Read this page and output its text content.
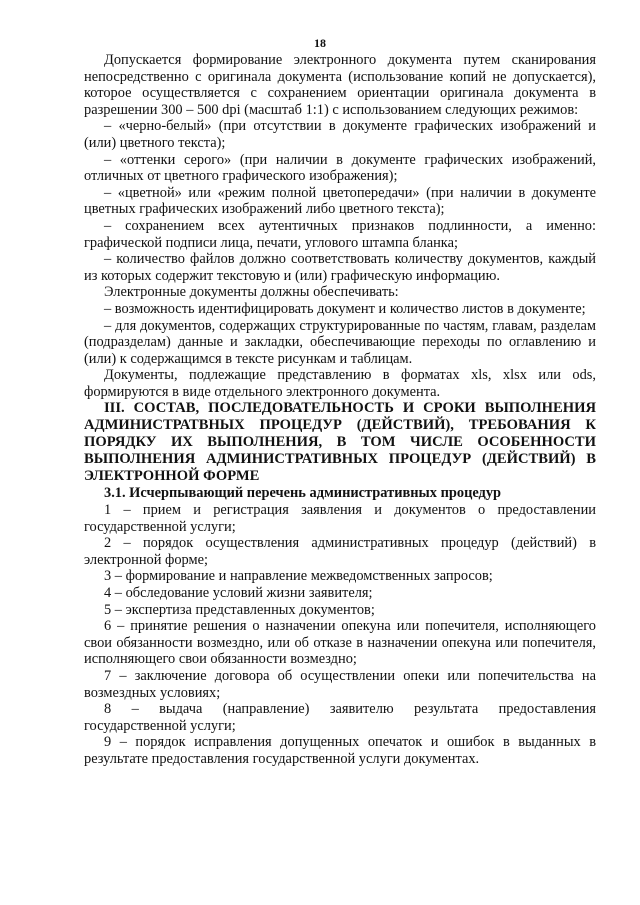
18

Допускается формирование электронного документа путем сканирования непосредственно с оригинала документа (использование копий не допускается), которое осуществляется с сохранением ориентации оригинала документа в разрешении 300 – 500 dpi (масштаб 1:1) с использованием следующих режимов:

– «черно-белый» (при отсутствии в документе графических изображений и (или) цветного текста);

– «оттенки серого» (при наличии в документе графических изображений, отличных от цветного графического изображения);

– «цветной» или «режим полной цветопередачи» (при наличии в документе цветных графических изображений либо цветного текста);

– сохранением всех аутентичных признаков подлинности, а именно: графической подписи лица, печати, углового штампа бланка;

– количество файлов должно соответствовать количеству документов, каждый из которых содержит текстовую и (или) графическую информацию.

Электронные документы должны обеспечивать:

– возможность идентифицировать документ и количество листов в документе;

– для документов, содержащих структурированные по частям, главам, разделам (подразделам) данные и закладки, обеспечивающие переходы по оглавлению и (или) к содержащимся в тексте рисункам и таблицам.

Документы, подлежащие представлению в форматах xls, xlsx или ods, формируются в виде отдельного электронного документа.

III. СОСТАВ, ПОСЛЕДОВАТЕЛЬНОСТЬ И СРОКИ ВЫПОЛНЕНИЯ АДМИНИСТРАТВНЫХ ПРОЦЕДУР (ДЕЙСТВИЙ), ТРЕБОВАНИЯ К ПОРЯДКУ ИХ ВЫПОЛНЕНИЯ, В ТОМ ЧИСЛЕ ОСОБЕННОСТИ ВЫПОЛНЕНИЯ АДМИНИСТРАТИВНЫХ ПРОЦЕДУР (ДЕЙСТВИЙ) В ЭЛЕКТРОННОЙ ФОРМЕ

3.1. Исчерпывающий перечень административных процедур

1 – прием и регистрация заявления и документов о предоставлении государственной услуги;

2 – порядок осуществления административных процедур (действий) в электронной форме;

3 – формирование и направление межведомственных запросов;

4 – обследование условий жизни заявителя;

5 – экспертиза представленных документов;

6 – принятие решения о назначении опекуна или попечителя, исполняющего свои обязанности возмездно, или об отказе в назначении опекуна или попечителя, исполняющего свои обязанности возмездно;

7 – заключение договора об осуществлении опеки или попечительства на возмездных условиях;

8 – выдача (направление) заявителю результата предоставления государственной услуги;

9 – порядок исправления допущенных опечаток и ошибок в выданных в результате предоставления государственной услуги документах.
